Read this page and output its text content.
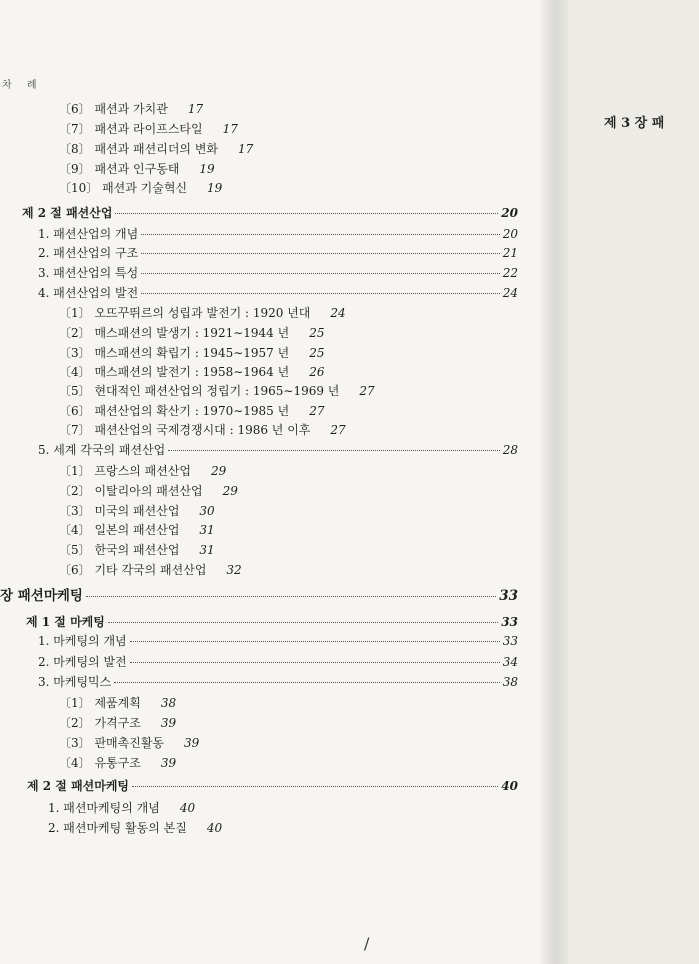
차 례
〔6〕 패션과 가치관 17
〔7〕 패션과 라이프스타일 17
〔8〕 패션과 패션리더의 변화 17
〔9〕 패션과 인구동태 19
〔10〕 패션과 기술혁신 19
제 2 절 패션산업	20
1. 패션산업의 개념	20
2. 패션산업의 구조	21
3. 패션산업의 특성	22
4. 패션산업의 발전	24
〔1〕 오뜨꾸뛰르의 성립과 발전기 : 1920 년대 24
〔2〕 매스패션의 발생기 : 1921∼1944 년 25
〔3〕 매스패션의 확립기 : 1945∼1957 년 25
〔4〕 매스패션의 발전기 : 1958∼1964 년 26
〔5〕 현대적인 패션산업의 정립기 : 1965∼1969 년 27
〔6〕 패션산업의 확산기 : 1970∼1985 년 27
〔7〕 패션산업의 국제경쟁시대 : 1986 년 이후 27
5. 세계 각국의 패션산업	28
〔1〕 프랑스의 패션산업 29
〔2〕 이탈리아의 패션산업 29
〔3〕 미국의 패션산업 30
〔4〕 일본의 패션산업 31
〔5〕 한국의 패션산업 31
〔6〕 기타 각국의 패션산업 32
장 패션마케팅	33
제 1 절 마케팅	33
1. 마케팅의 개념	33
2. 마케팅의 발전	34
3. 마케팅믹스	38
〔1〕 제품계획 38
〔2〕 가격구조 39
〔3〕 판매촉진활동 39
〔4〕 유통구조 39
제 2 절 패션마케팅	40
1. 패션마케팅의 개념 40
2. 패션마케팅 활동의 본질 40
/
제 3 장 패
